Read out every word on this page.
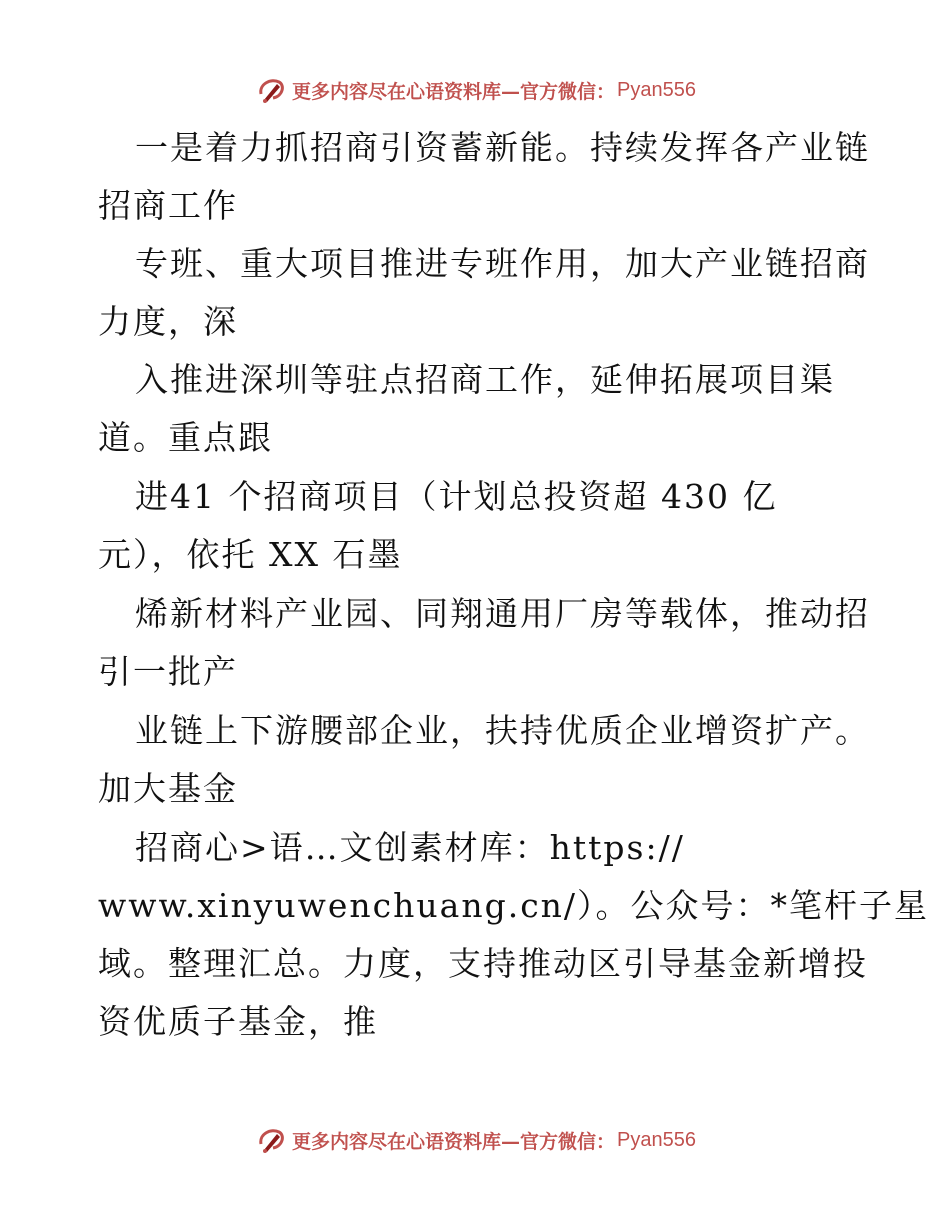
更多内容尽在心语资料库—官方微信： Pyan556
一是着力抓招商引资蓄新能。持续发挥各产业链
招商工作
专班、重大项目推进专班作用，加大产业链招商
力度，深
入推进深圳等驻点招商工作，延伸拓展项目渠
道。重点跟
进41 个招商项目（计划总投资超 430 亿
元），依托 XX 石墨
烯新材料产业园、同翔通用厂房等载体，推动招
引一批产
业链上下游腰部企业，扶持优质企业增资扩产。
加大基金
招商心>语…文创素材库：https://
www.xinyuwenchuang.cn/）。公众号：*笔杆子星
域。整理汇总。力度，支持推动区引导基金新增投
资优质子基金，推
更多内容尽在心语资料库—官方微信： Pyan556
